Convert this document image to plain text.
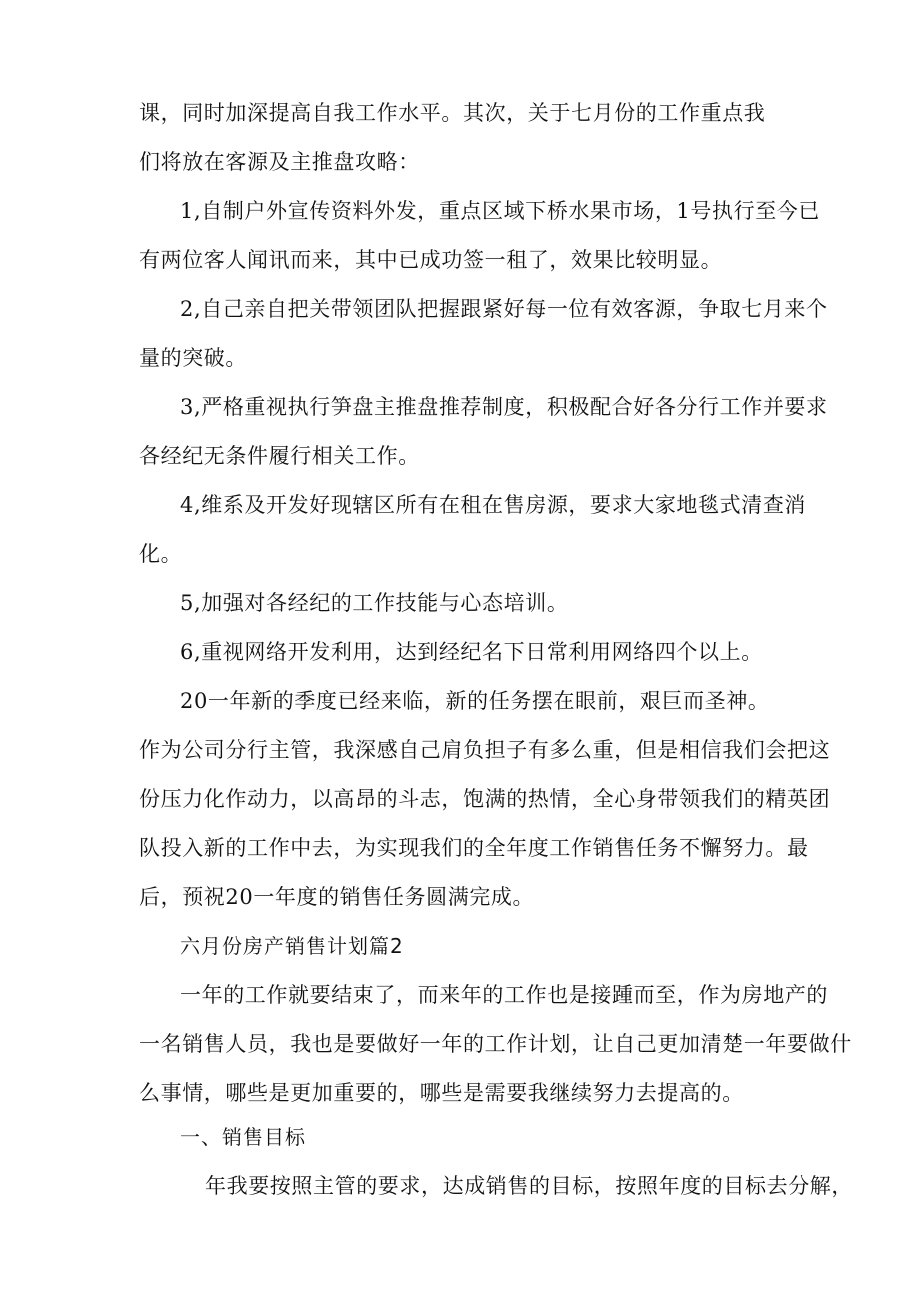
课，同时加深提高自我工作水平。其次，关于七月份的工作重点我

们将放在客源及主推盘攻略：

1,自制户外宣传资料外发，重点区域下桥水果市场，1号执行至今已

有两位客人闻讯而来，其中已成功签一租了，效果比较明显。

2,自己亲自把关带领团队把握跟紧好每一位有效客源，争取七月来个

量的突破。

3,严格重视执行笋盘主推盘推荐制度，积极配合好各分行工作并要求

各经纪无条件履行相关工作。

4,维系及开发好现辖区所有在租在售房源，要求大家地毯式清查消

化。

5,加强对各经纪的工作技能与心态培训。

6,重视网络开发利用，达到经纪名下日常利用网络四个以上。

20一年新的季度已经来临，新的任务摆在眼前，艰巨而圣神。

作为公司分行主管，我深感自己肩负担子有多么重，但是相信我们会把这

份压力化作动力，以高昂的斗志，饱满的热情，全心身带领我们的精英团

队投入新的工作中去，为实现我们的全年度工作销售任务不懈努力。最

后，预祝20一年度的销售任务圆满完成。

六月份房产销售计划篇2

一年的工作就要结束了，而来年的工作也是接踵而至，作为房地产的

一名销售人员，我也是要做好一年的工作计划，让自己更加清楚一年要做什

么事情，哪些是更加重要的，哪些是需要我继续努力去提高的。

一、销售目标

年我要按照主管的要求，达成销售的目标，按照年度的目标去分解，
